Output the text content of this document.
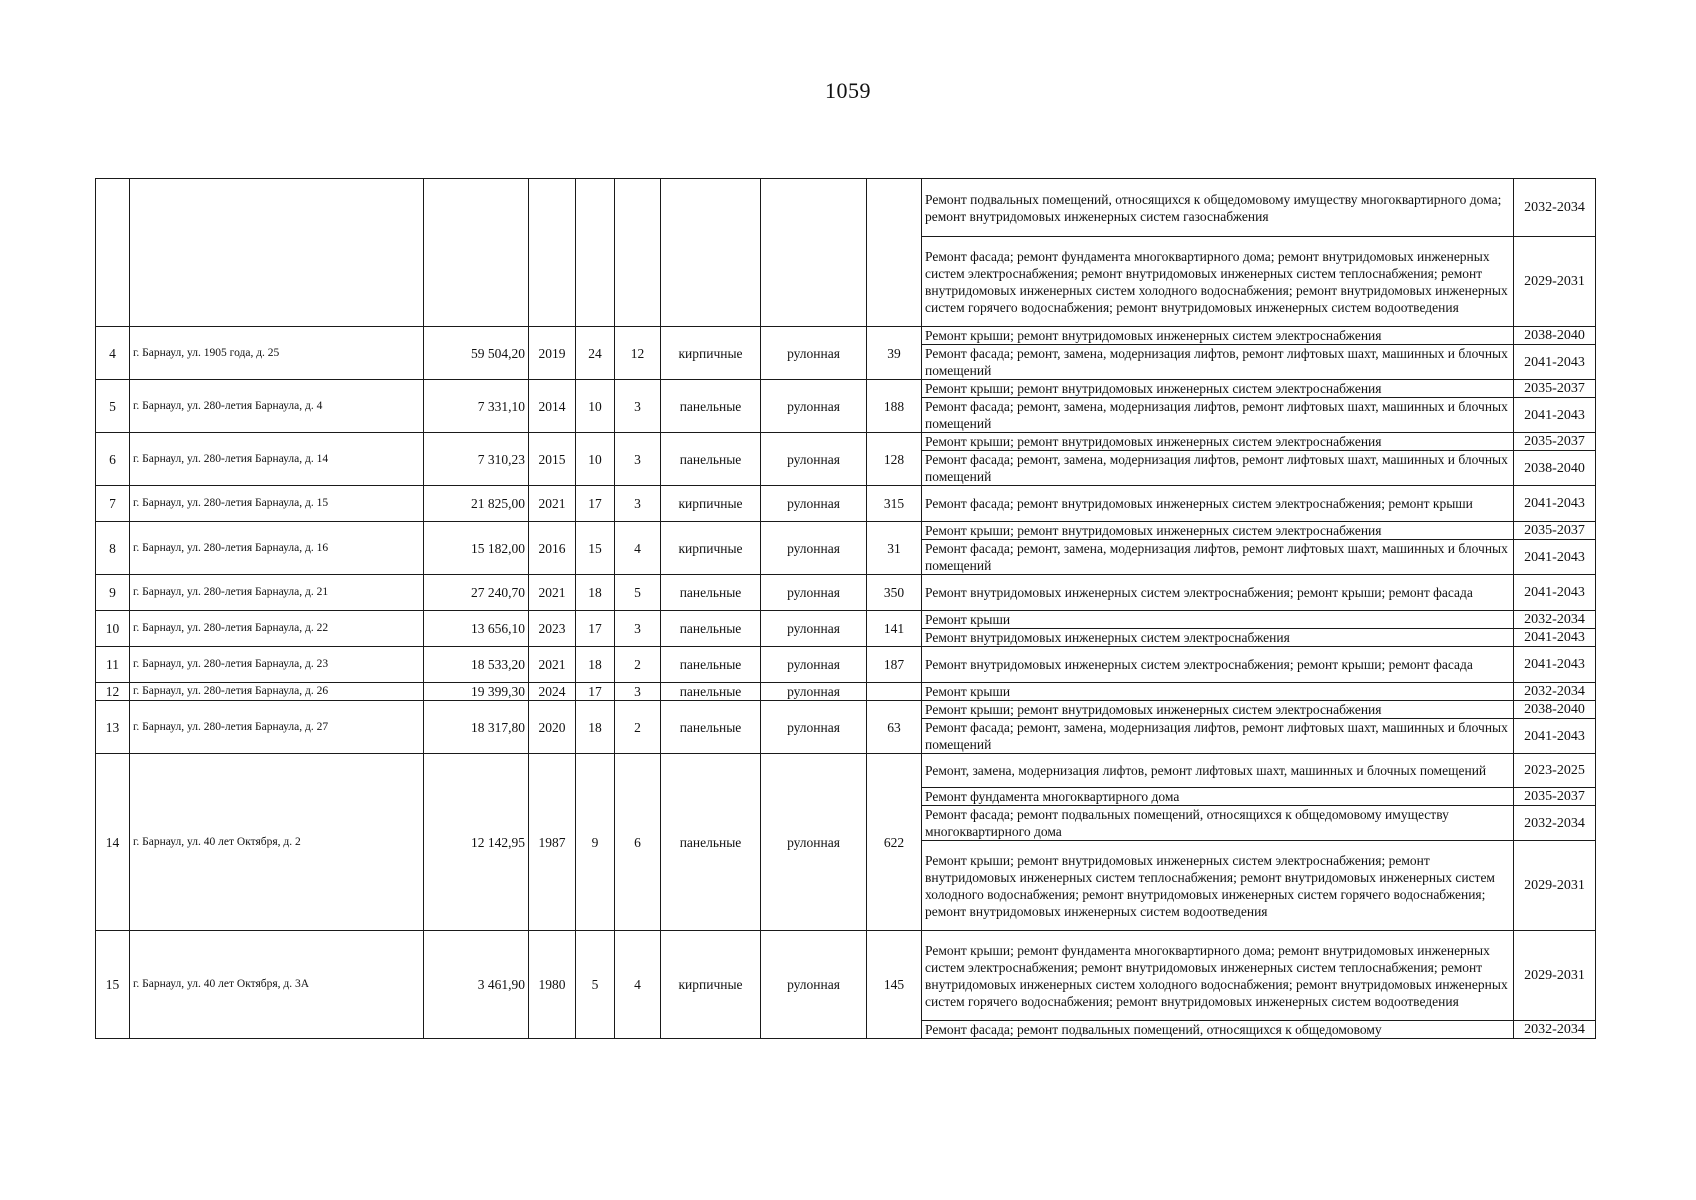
1059
									Ремонт подвальных помещений, относящихся к общедомовому имуществу многоквартирного дома; ремонт внутридомовых инженерных систем газоснабжения	2032-2034
									Ремонт фасада; ремонт фундамента многоквартирного дома; ремонт внутридомовых инженерных систем электроснабжения; ремонт внутридомовых инженерных систем теплоснабжения; ремонт внутридомовых инженерных систем холодного водоснабжения; ремонт внутридомовых инженерных систем горячего водоснабжения; ремонт внутридомовых инженерных систем водоотведения	2029-2031
4	г. Барнаул, ул. 1905 года, д. 25	59 504,20	2019	24	12	кирпичные	рулонная	39	Ремонт крыши; ремонт внутридомовых инженерных систем электроснабжения	2038-2040
									Ремонт фасада; ремонт, замена, модернизация лифтов, ремонт лифтовых шахт, машинных и блочных помещений	2041-2043
5	г. Барнаул, ул. 280-летия Барнаула, д. 4	7 331,10	2014	10	3	панельные	рулонная	188	Ремонт крыши; ремонт внутридомовых инженерных систем электроснабжения	2035-2037
									Ремонт фасада; ремонт, замена, модернизация лифтов, ремонт лифтовых шахт, машинных и блочных помещений	2041-2043
6	г. Барнаул, ул. 280-летия Барнаула, д. 14	7 310,23	2015	10	3	панельные	рулонная	128	Ремонт крыши; ремонт внутридомовых инженерных систем электроснабжения	2035-2037
									Ремонт фасада; ремонт, замена, модернизация лифтов, ремонт лифтовых шахт, машинных и блочных помещений	2038-2040
7	г. Барнаул, ул. 280-летия Барнаула, д. 15	21 825,00	2021	17	3	кирпичные	рулонная	315	Ремонт фасада; ремонт внутридомовых инженерных систем электроснабжения; ремонт крыши	2041-2043
8	г. Барнаул, ул. 280-летия Барнаула, д. 16	15 182,00	2016	15	4	кирпичные	рулонная	31	Ремонт крыши; ремонт внутридомовых инженерных систем электроснабжения	2035-2037
									Ремонт фасада; ремонт, замена, модернизация лифтов, ремонт лифтовых шахт, машинных и блочных помещений	2041-2043
9	г. Барнаул, ул. 280-летия Барнаула, д. 21	27 240,70	2021	18	5	панельные	рулонная	350	Ремонт внутридомовых инженерных систем электроснабжения; ремонт крыши; ремонт фасада	2041-2043
10	г. Барнаул, ул. 280-летия Барнаула, д. 22	13 656,10	2023	17	3	панельные	рулонная	141	Ремонт крыши	2032-2034
									Ремонт внутридомовых инженерных систем электроснабжения	2041-2043
11	г. Барнаул, ул. 280-летия Барнаула, д. 23	18 533,20	2021	18	2	панельные	рулонная	187	Ремонт внутридомовых инженерных систем электроснабжения; ремонт крыши; ремонт фасада	2041-2043
12	г. Барнаул, ул. 280-летия Барнаула, д. 26	19 399,30	2024	17	3	панельные	рулонная		Ремонт крыши	2032-2034
13	г. Барнаул, ул. 280-летия Барнаула, д. 27	18 317,80	2020	18	2	панельные	рулонная	63	Ремонт крыши; ремонт внутридомовых инженерных систем электроснабжения	2038-2040
									Ремонт фасада; ремонт, замена, модернизация лифтов, ремонт лифтовых шахт, машинных и блочных помещений	2041-2043
14	г. Барнаул, ул. 40 лет Октября, д. 2	12 142,95	1987	9	6	панельные	рулонная	622	Ремонт, замена, модернизация лифтов, ремонт лифтовых шахт, машинных и блочных помещений	2023-2025
									Ремонт фундамента многоквартирного дома	2035-2037
									Ремонт фасада; ремонт подвальных помещений, относящихся к общедомовому имуществу многоквартирного дома	2032-2034
									Ремонт крыши; ремонт внутридомовых инженерных систем электроснабжения; ремонт внутридомовых инженерных систем теплоснабжения; ремонт внутридомовых инженерных систем холодного водоснабжения; ремонт внутридомовых инженерных систем горячего водоснабжения; ремонт внутридомовых инженерных систем водоотведения	2029-2031
15	г. Барнаул, ул. 40 лет Октября, д. 3А	3 461,90	1980	5	4	кирпичные	рулонная	145	Ремонт крыши; ремонт фундамента многоквартирного дома; ремонт внутридомовых инженерных систем электроснабжения; ремонт внутридомовых инженерных систем теплоснабжения; ремонт внутридомовых инженерных систем холодного водоснабжения; ремонт внутридомовых инженерных систем горячего водоснабжения; ремонт внутридомовых инженерных систем водоотведения	2029-2031
									Ремонт фасада; ремонт подвальных помещений, относящихся к общедомовому	2032-2034
